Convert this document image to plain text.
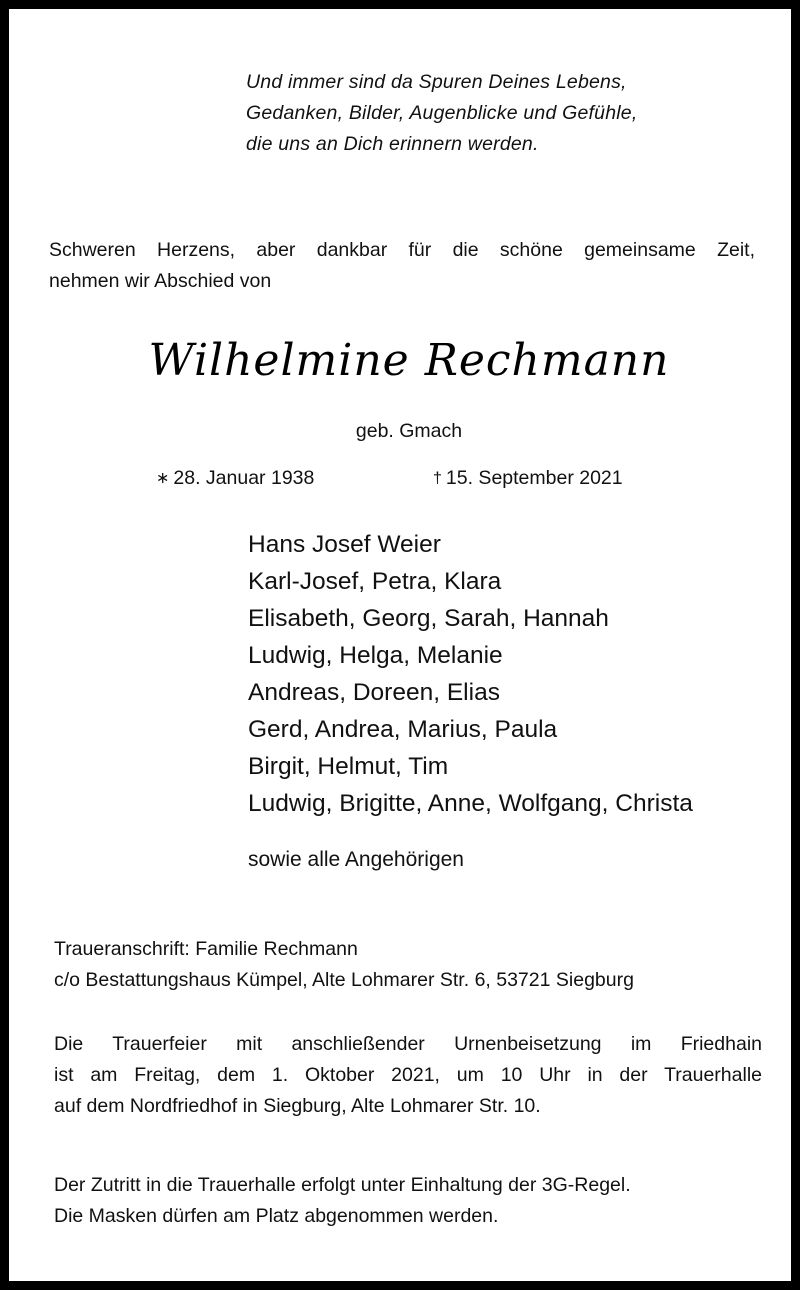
Und immer sind da Spuren Deines Lebens,
Gedanken, Bilder, Augenblicke und Gefühle,
die uns an Dich erinnern werden.
Schweren Herzens, aber dankbar für die schöne gemeinsame Zeit,
nehmen wir Abschied von
Wilhelmine Rechmann
geb. Gmach
∗ 28. Januar 1938	† 15. September 2021
Hans Josef Weier
Karl-Josef, Petra, Klara
Elisabeth, Georg, Sarah, Hannah
Ludwig, Helga, Melanie
Andreas, Doreen, Elias
Gerd, Andrea, Marius, Paula
Birgit, Helmut, Tim
Ludwig, Brigitte, Anne, Wolfgang, Christa
sowie alle Angehörigen
Traueranschrift: Familie Rechmann
c/o Bestattungshaus Kümpel, Alte Lohmarer Str. 6, 53721 Siegburg
Die Trauerfeier mit anschließender Urnenbeisetzung im Friedhain
ist am Freitag, dem 1. Oktober 2021, um 10 Uhr in der Trauerhalle
auf dem Nordfriedhof in Siegburg, Alte Lohmarer Str. 10.
Der Zutritt in die Trauerhalle erfolgt unter Einhaltung der 3G-Regel.
Die Masken dürfen am Platz abgenommen werden.
